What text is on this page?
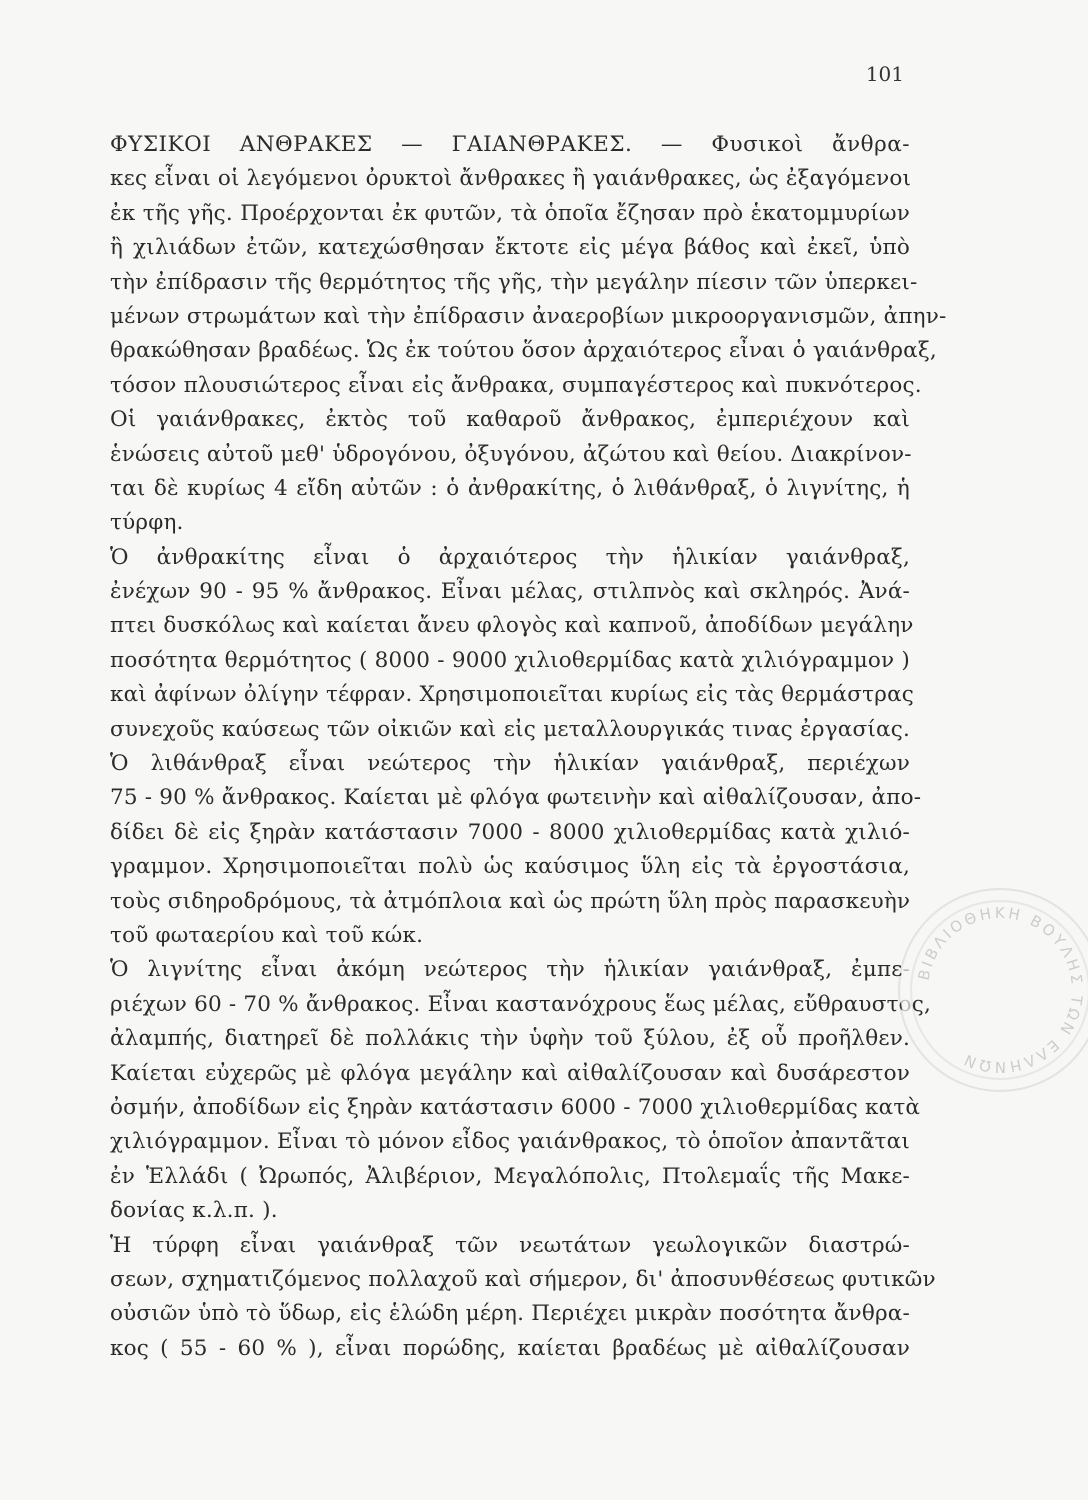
101
ΦΥΣΙΚΟΙ ΑΝΘΡΑΚΕΣ — ΓΑΙΑΝΘΡΑΚΕΣ. — Φυσικοὶ ἄνθρα-
κες εἶναι οἱ λεγόμενοι ὀρυκτοὶ ἄνθρακες ἢ γαιάνθρακες, ὡς ἐξαγόμενοι
ἐκ τῆς γῆς. Προέρχονται ἐκ φυτῶν, τὰ ὁποῖα ἔζησαν πρὸ ἑκατομμυρίων
ἢ χιλιάδων ἐτῶν, κατεχώσθησαν ἔκτοτε εἰς μέγα βάθος καὶ ἐκεῖ, ὑπὸ
τὴν ἐπίδρασιν τῆς θερμότητος τῆς γῆς, τὴν μεγάλην πίεσιν τῶν ὑπερκει-
μένων στρωμάτων καὶ τὴν ἐπίδρασιν ἀναεροβίων μικροοργανισμῶν, ἀπην-
θρακώθησαν βραδέως. Ὡς ἐκ τούτου ὅσον ἀρχαιότερος εἶναι ὁ γαιάνθραξ,
τόσον πλουσιώτερος εἶναι εἰς ἄνθρακα, συμπαγέστερος καὶ πυκνότερος.
Οἱ γαιάνθρακες, ἐκτὸς τοῦ καθαροῦ ἄνθρακος, ἐμπεριέχουν καὶ
ἑνώσεις αὐτοῦ μεθ' ὑδρογόνου, ὀξυγόνου, ἀζώτου καὶ θείου. Διακρίνον-
ται δὲ κυρίως 4 εἴδη αὐτῶν : ὁ ἀνθρακίτης, ὁ λιθάνθραξ, ὁ λιγνίτης, ἡ
τύρφη.
Ὁ ἀνθρακίτης εἶναι ὁ ἀρχαιότερος τὴν ἡλικίαν γαιάνθραξ,
ἐνέχων 90 - 95 % ἄνθρακος. Εἶναι μέλας, στιλπνὸς καὶ σκληρός. Ἀνά-
πτει δυσκόλως καὶ καίεται ἄνευ φλογὸς καὶ καπνοῦ, ἀποδίδων μεγάλην
ποσότητα θερμότητος ( 8000 - 9000 χιλιοθερμίδας κατὰ χιλιόγραμμον )
καὶ ἀφίνων ὀλίγην τέφραν. Χρησιμοποιεῖται κυρίως εἰς τὰς θερμάστρας
συνεχοῦς καύσεως τῶν οἰκιῶν καὶ εἰς μεταλλουργικάς τινας ἐργασίας.
Ὁ λιθάνθραξ εἶναι νεώτερος τὴν ἡλικίαν γαιάνθραξ, περιέχων
75 - 90 % ἄνθρακος. Καίεται μὲ φλόγα φωτεινὴν καὶ αἰθαλίζουσαν, ἀπο-
δίδει δὲ εἰς ξηρὰν κατάστασιν 7000 - 8000 χιλιοθερμίδας κατὰ χιλιό-
γραμμον. Χρησιμοποιεῖται πολὺ ὡς καύσιμος ὕλη εἰς τὰ ἐργοστάσια,
τοὺς σιδηροδρόμους, τὰ ἀτμόπλοια καὶ ὡς πρώτη ὕλη πρὸς παρασκευὴν
τοῦ φωταερίου καὶ τοῦ κώκ.
Ὁ λιγνίτης εἶναι ἀκόμη νεώτερος τὴν ἡλικίαν γαιάνθραξ, ἐμπε-
ριέχων 60 - 70 % ἄνθρακος. Εἶναι καστανόχρους ἕως μέλας, εὔθραυστος,
ἀλαμπής, διατηρεῖ δὲ πολλάκις τὴν ὑφὴν τοῦ ξύλου, ἐξ οὗ προῆλθεν.
Καίεται εὐχερῶς μὲ φλόγα μεγάλην καὶ αἰθαλίζουσαν καὶ δυσάρεστον
ὀσμήν, ἀποδίδων εἰς ξηρὰν κατάστασιν 6000 - 7000 χιλιοθερμίδας κατὰ
χιλιόγραμμον. Εἶναι τὸ μόνον εἶδος γαιάνθρακος, τὸ ὁποῖον ἀπαντᾶται
ἐν Ἑλλάδι ( Ὠρωπός, Ἀλιβέριον, Μεγαλόπολις, Πτολεμαΐς τῆς Μακε-
δονίας κ.λ.π. ).
Ἡ τύρφη εἶναι γαιάνθραξ τῶν νεωτάτων γεωλογικῶν διαστρώ-
σεων, σχηματιζόμενος πολλαχοῦ καὶ σήμερον, δι' ἀποσυνθέσεως φυτικῶν
οὐσιῶν ὑπὸ τὸ ὕδωρ, εἰς ἑλώδη μέρη. Περιέχει μικρὰν ποσότητα ἄνθρα-
κος ( 55 - 60 % ), εἶναι πορώδης, καίεται βραδέως μὲ αἰθαλίζουσαν
ΒΙΒΛΙΟΘΗΚΗ ΒΟΥΛΗΣ ΤΩΝ ΕΛΛΗΝΩΝ
